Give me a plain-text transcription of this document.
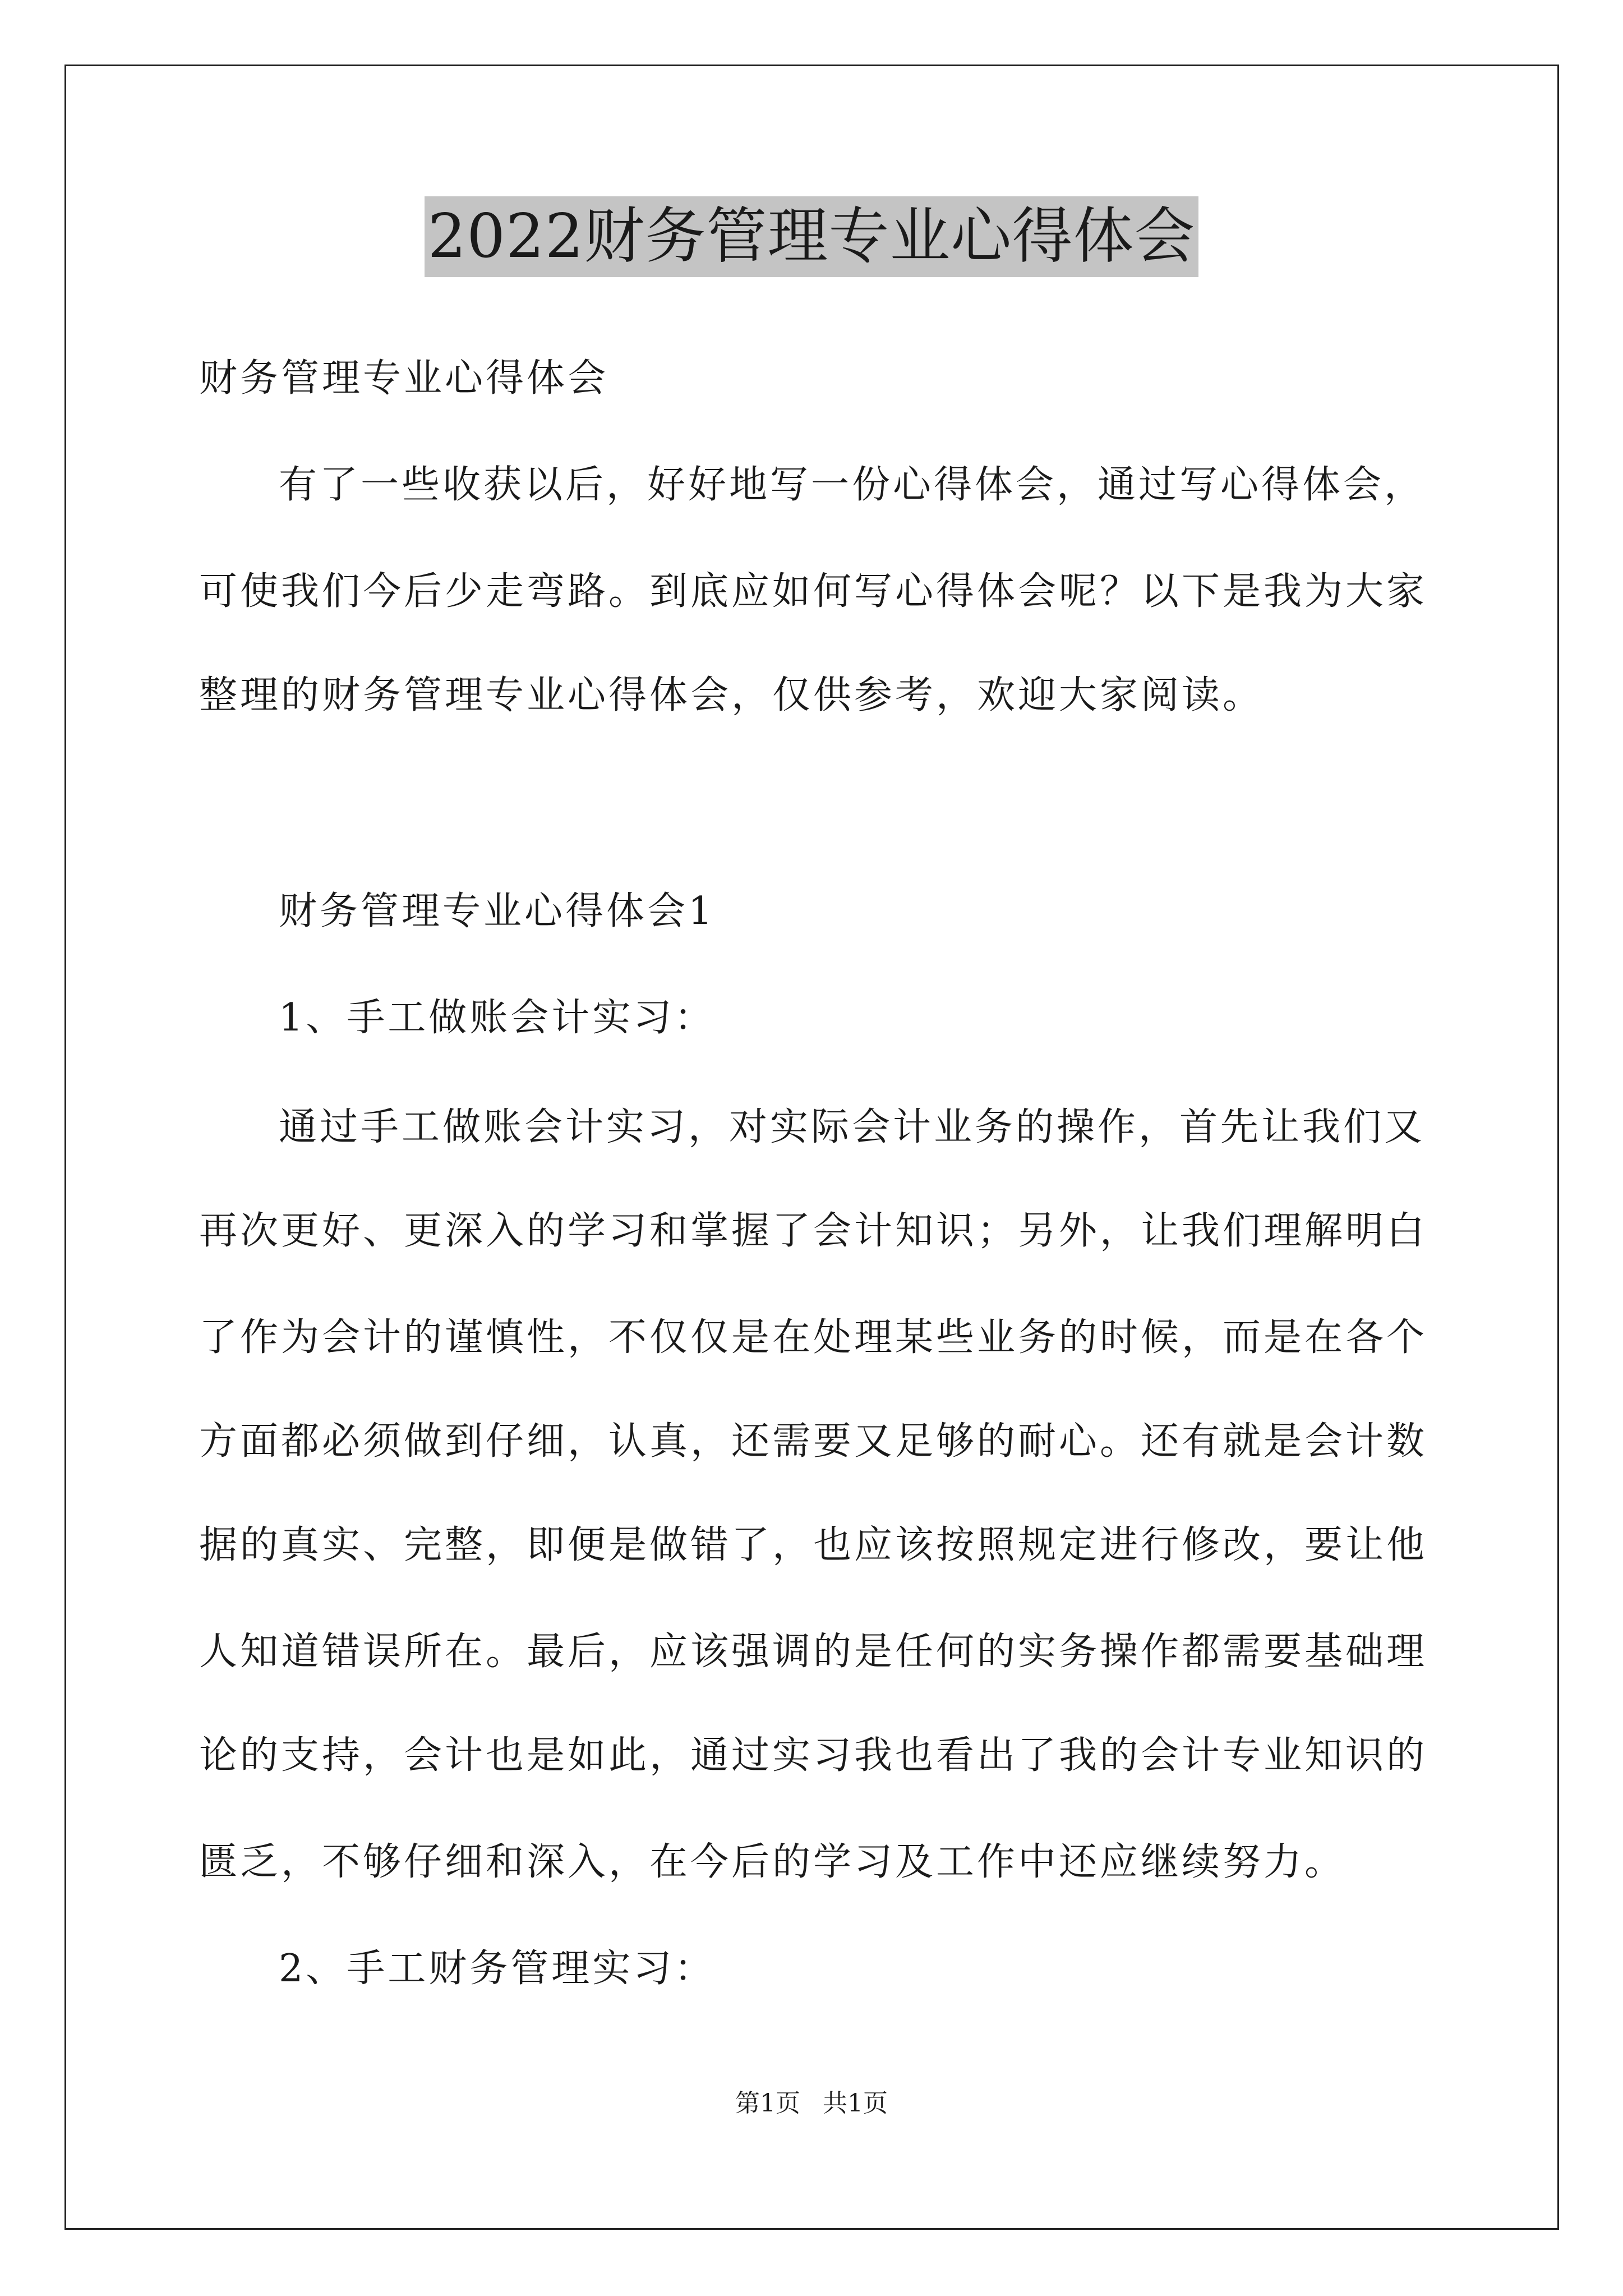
2022财务管理专业心得体会
财务管理专业心得体会
有了一些收获以后，好好地写一份心得体会，通过写心得体会，
可使我们今后少走弯路。到底应如何写心得体会呢？以下是我为大家
整理的财务管理专业心得体会，仅供参考，欢迎大家阅读。
财务管理专业心得体会1
1、手工做账会计实习：
通过手工做账会计实习，对实际会计业务的操作，首先让我们又
再次更好、更深入的学习和掌握了会计知识；另外，让我们理解明白
了作为会计的谨慎性，不仅仅是在处理某些业务的时候，而是在各个
方面都必须做到仔细，认真，还需要又足够的耐心。还有就是会计数
据的真实、完整，即便是做错了，也应该按照规定进行修改，要让他
人知道错误所在。最后，应该强调的是任何的实务操作都需要基础理
论的支持，会计也是如此，通过实习我也看出了我的会计专业知识的
匮乏，不够仔细和深入，在今后的学习及工作中还应继续努力。
2、手工财务管理实习：
第1页 共1页
